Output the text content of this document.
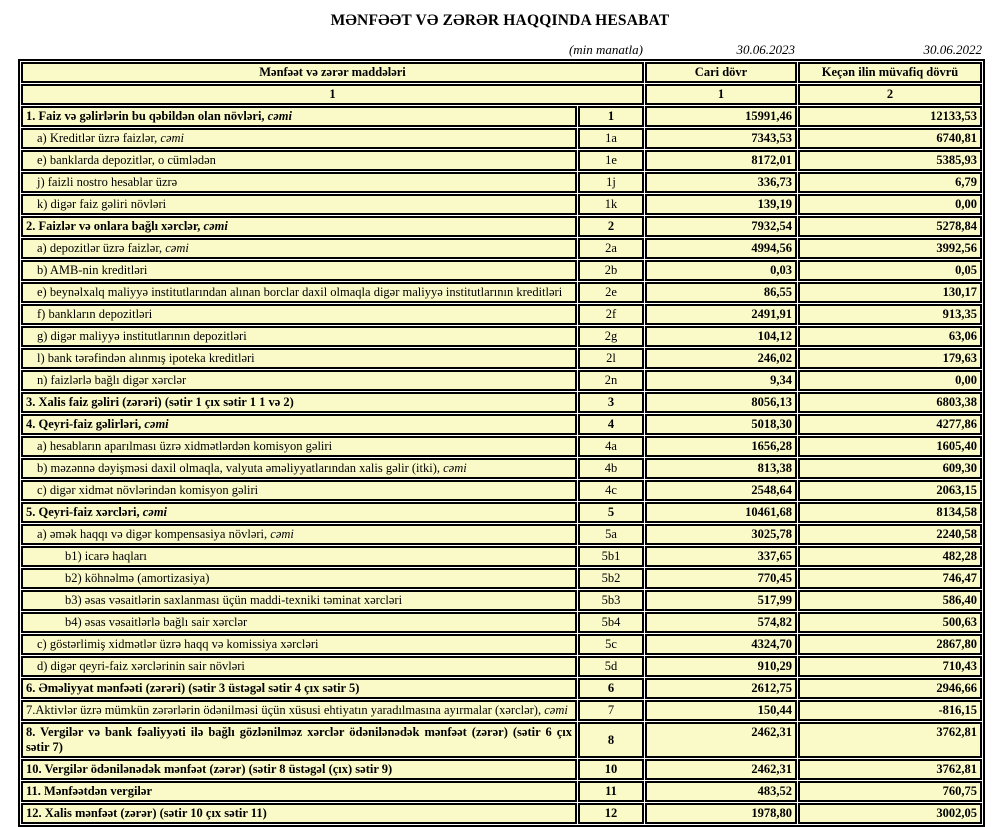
MƏNFƏƏT VƏ ZƏRƏR HAQQINDA HESABAT
(min manatla)	30.06.2023	30.06.2022
Mənfəət və zərər maddələri		Cari dövr	Keçən ilin müvafiq dövrü
1		1	2
1. Faiz və gəlirlərin bu qəbildən olan növləri, cəmi	1	15991,46	12133,53
a) Kreditlər üzrə faizlər, cəmi	1a	7343,53	6740,81
e) banklarda depozitlər, o cümlədən	1e	8172,01	5385,93
j) faizli nostro hesablar üzrə	1j	336,73	6,79
k) digər faiz gəliri növləri	1k	139,19	0,00
2. Faizlər və onlara bağlı xərclər, cəmi	2	7932,54	5278,84
a) depozitlər üzrə faizlər, cəmi	2a	4994,56	3992,56
b) AMB-nin kreditləri	2b	0,03	0,05
e) beynəlxalq maliyyə institutlarından alınan borclar daxil olmaqla digər maliyyə institutlarının kreditləri	2e	86,55	130,17
f) bankların depozitləri	2f	2491,91	913,35
g) digər maliyyə institutlarının depozitləri	2g	104,12	63,06
l) bank tərəfindən alınmış ipoteka kreditləri	2l	246,02	179,63
n) faizlərlə bağlı digər xərclər	2n	9,34	0,00
3. Xalis faiz gəliri (zərəri) (sətir 1 çıx sətir 1 1 və 2)	3	8056,13	6803,38
4. Qeyri-faiz gəlirləri, cəmi	4	5018,30	4277,86
a) hesabların aparılması üzrə xidmətlərdən komisyon gəliri	4a	1656,28	1605,40
b) məzənnə dəyişməsi daxil olmaqla, valyuta əməliyyatlarından xalis gəlir (itki), cəmi	4b	813,38	609,30
c) digər xidmət növlərindən komisyon gəliri	4c	2548,64	2063,15
5. Qeyri-faiz xərcləri, cəmi	5	10461,68	8134,58
a) əmək haqqı və digər kompensasiya növləri, cəmi	5a	3025,78	2240,58
b1) icarə haqları	5b1	337,65	482,28
b2) köhnəlmə (amortizasiya)	5b2	770,45	746,47
b3) əsas vəsaitlərin saxlanması üçün maddi-texniki təminat xərcləri	5b3	517,99	586,40
b4) əsas vəsaitlərlə bağlı sair xərclər	5b4	574,82	500,63
c) göstərlimiş xidmətlər üzrə haqq və komissiya xərcləri	5c	4324,70	2867,80
d) digər qeyri-faiz xərclərinin sair növləri	5d	910,29	710,43
6. Əməliyyat mənfəəti (zərəri) (sətir 3 üstəgəl sətir 4 çıx sətir 5)	6	2612,75	2946,66
7.Aktivlər üzrə mümkün zərərlərin ödənilməsi üçün xüsusi ehtiyatın yaradılmasına ayırmalar (xərclər), cəmi	7	150,44	-816,15
8. Vergilər və bank fəaliyyəti ilə bağlı gözlənilməz xərclər ödənilənədək mənfəət (zərər) (sətir 6 çıx sətir 7)	8	2462,31	3762,81
10. Vergilər ödənilənədək mənfəət (zərər) (sətir 8 üstəgəl (çıx) sətir 9)	10	2462,31	3762,81
11. Mənfəətdən vergilər	11	483,52	760,75
12. Xalis mənfəət (zərər) (sətir 10 çıx sətir 11)	12	1978,80	3002,05
